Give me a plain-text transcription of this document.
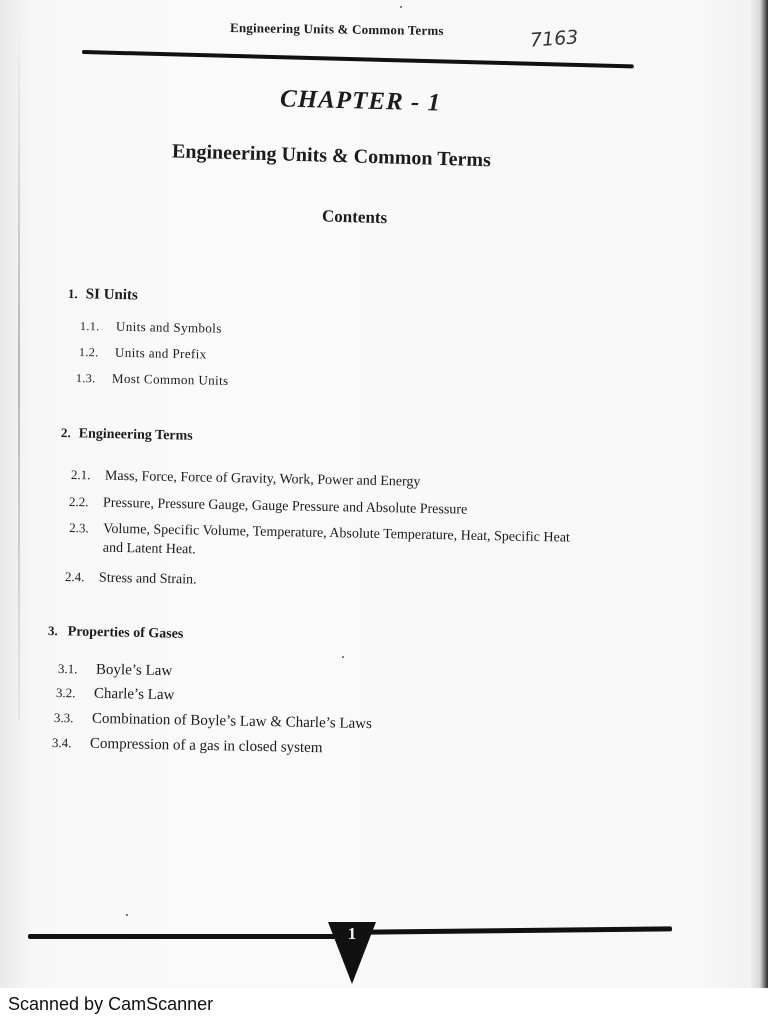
Engineering Units & Common Terms	7163
CHAPTER - 1
Engineering Units & Common Terms
Contents
1. SI Units
1.1. Units and Symbols
1.2. Units and Prefix
1.3. Most Common Units
2. Engineering Terms
2.1. Mass, Force, Force of Gravity, Work, Power and Energy
2.2. Pressure, Pressure Gauge, Gauge Pressure and Absolute Pressure
2.3. Volume, Specific Volume, Temperature, Absolute Temperature, Heat, Specific Heat
and Latent Heat.
2.4. Stress and Strain.
3. Properties of Gases
3.1. Boyle’s Law
3.2. Charle’s Law
3.3. Combination of Boyle’s Law & Charle’s Laws
3.4. Compression of a gas in closed system
1
Scanned by CamScanner
